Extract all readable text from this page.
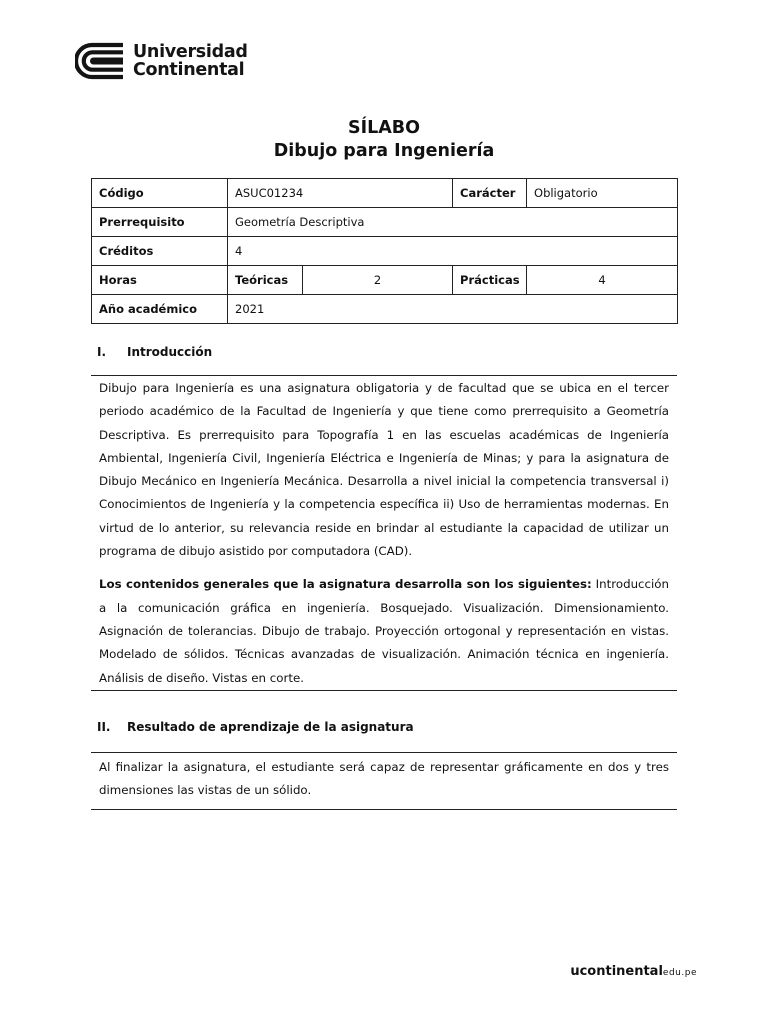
Universidad
Continental
SÍLABO
Dibujo para Ingeniería
Código	ASUC01234		Carácter	Obligatorio
Prerrequisito	Geometría Descriptiva			
Créditos	4			
Horas	Teóricas	2	Prácticas	4
Año académico	2021			
I. Introducción

Dibujo para Ingeniería es una asignatura obligatoria y de facultad que se ubica en el tercer periodo académico de la Facultad de Ingeniería y que tiene como prerrequisito a Geometría Descriptiva. Es prerrequisito para Topografía 1 en las escuelas académicas de Ingeniería Ambiental, Ingeniería Civil, Ingeniería Eléctrica e Ingeniería de Minas; y para la asignatura de Dibujo Mecánico en Ingeniería Mecánica. Desarrolla a nivel inicial la competencia transversal i) Conocimientos de Ingeniería y la competencia específica ii) Uso de herramientas modernas. En virtud de lo anterior, su relevancia reside en brindar al estudiante la capacidad de utilizar un programa de dibujo asistido por computadora (CAD).

Los contenidos generales que la asignatura desarrolla son los siguientes: Introducción a la comunicación gráfica en ingeniería. Bosquejado. Visualización. Dimensionamiento. Asignación de tolerancias. Dibujo de trabajo. Proyección ortogonal y representación en vistas. Modelado de sólidos. Técnicas avanzadas de visualización. Animación técnica en ingeniería. Análisis de diseño. Vistas en corte.

II. Resultado de aprendizaje de la asignatura

Al finalizar la asignatura, el estudiante será capaz de representar gráficamente en dos y tres dimensiones las vistas de un sólido.

ucontinentaledu.pe
